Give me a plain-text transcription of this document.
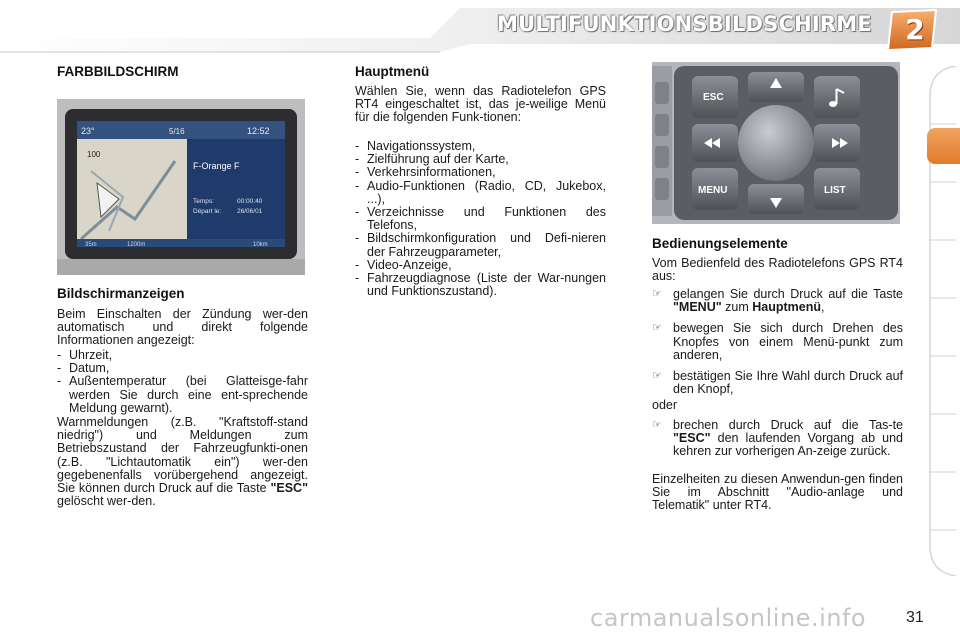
MULTIFUNKTIONSBILDSCHIRME 2
FARBBILDSCHIRM
23°	5/16	12:52
100
F-Orange F
Temps:	00:00:40
Départ le: 26/06/01
35m	1200m	10km
Bildschirmanzeigen

Beim Einschalten der Zündung wer-den automatisch und direkt folgende Informationen angezeigt:

- Uhrzeit,
- Datum,
- Außentemperatur (bei Glatteisge-fahr werden Sie durch eine ent-sprechende Meldung gewarnt).

Warnmeldungen (z.B. "Kraftstoff-stand niedrig") und Meldungen zum Betriebszustand der Fahrzeugfunkti-onen (z.B. "Lichtautomatik ein") wer-den gegebenenfalls vorübergehend angezeigt. Sie können durch Druck auf die Taste "ESC" gelöscht wer-den.

Hauptmenü

Wählen Sie, wenn das Radiotelefon GPS RT4 eingeschaltet ist, das je-weilige Menü für die folgenden Funk-tionen:

- Navigationssystem,
- Zielführung auf der Karte,
- Verkehrsinformationen,
- Audio-Funktionen (Radio, CD, Jukebox, ...),
- Verzeichnisse und Funktionen des Telefons,
- Bildschirmkonfiguration und Defi-nieren der Fahrzeugparameter,
- Video-Anzeige,
- Fahrzeugdiagnose (Liste der War-nungen und Funktionszustand).
ESC
MENU	LIST
Bedienungselemente

Vom Bedienfeld des Radiotelefons GPS RT4 aus:

☞ gelangen Sie durch Druck auf die Taste "MENU" zum Hauptmenü,
☞ bewegen Sie sich durch Drehen des Knopfes von einem Menü-punkt zum anderen,
☞ bestätigen Sie Ihre Wahl durch Druck auf den Knopf,

oder

☞ brechen durch Druck auf die Tas-te "ESC" den laufenden Vorgang ab und kehren zur vorherigen An-zeige zurück.

Einzelheiten zu diesen Anwendun-gen finden Sie im Abschnitt "Audio-anlage und Telematik" unter RT4.

carmanualsonline.info 31
